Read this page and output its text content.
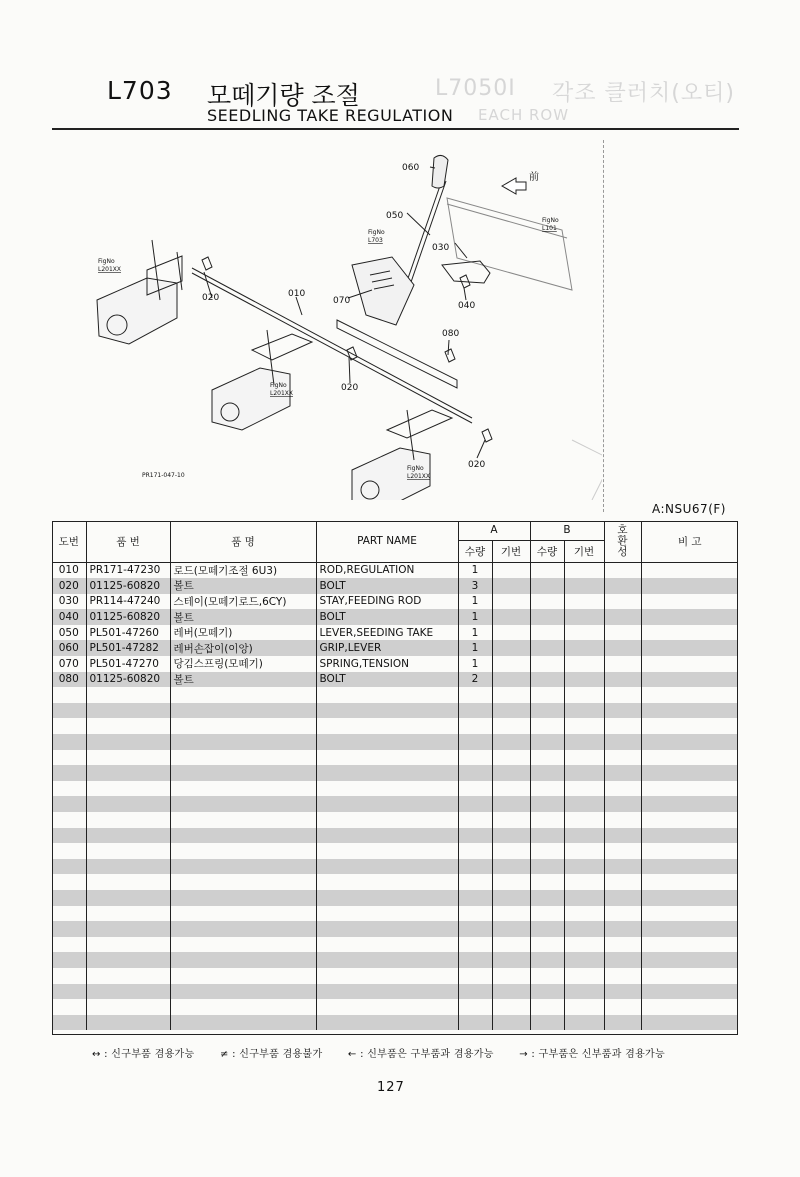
L7050I 각조 클러치(오티)
EACH ROW
L703 모떼기량 조절
SEEDLING TAKE REGULATION
060
050
030
040
020	010
070
080
020
020
前
FigNo
L703
FigNo
L101
FigNo
L201XX
FigNo
L201XX
FigNo
L201XX
PR171-047-10
A:NSU67(F)
도번	품 번	품 명	PART NAME	A		B		호환성	비 고
				수량	기번	수량	기번		
010	PR171-47230	로드(모떼기조절 6U3)	ROD,REGULATION	1					
020	01125-60820	볼트	BOLT	3					
030	PR114-47240	스테이(모떼기로드,6CY)	STAY,FEEDING ROD	1					
040	01125-60820	볼트	BOLT	1					
050	PL501-47260	레버(모떼기)	LEVER,SEEDING TAKE	1					
060	PL501-47282	레버손잡이(이앙)	GRIP,LEVER	1					
070	PL501-47270	당김스프링(모떼기)	SPRING,TENSION	1					
080	01125-60820	볼트	BOLT	2					

↔ : 신구부품 겸용가능	≠ : 신구부품 겸용불가	← : 신부품은 구부품과 겸용가능	→ : 구부품은 신부품과 겸용가능
127
